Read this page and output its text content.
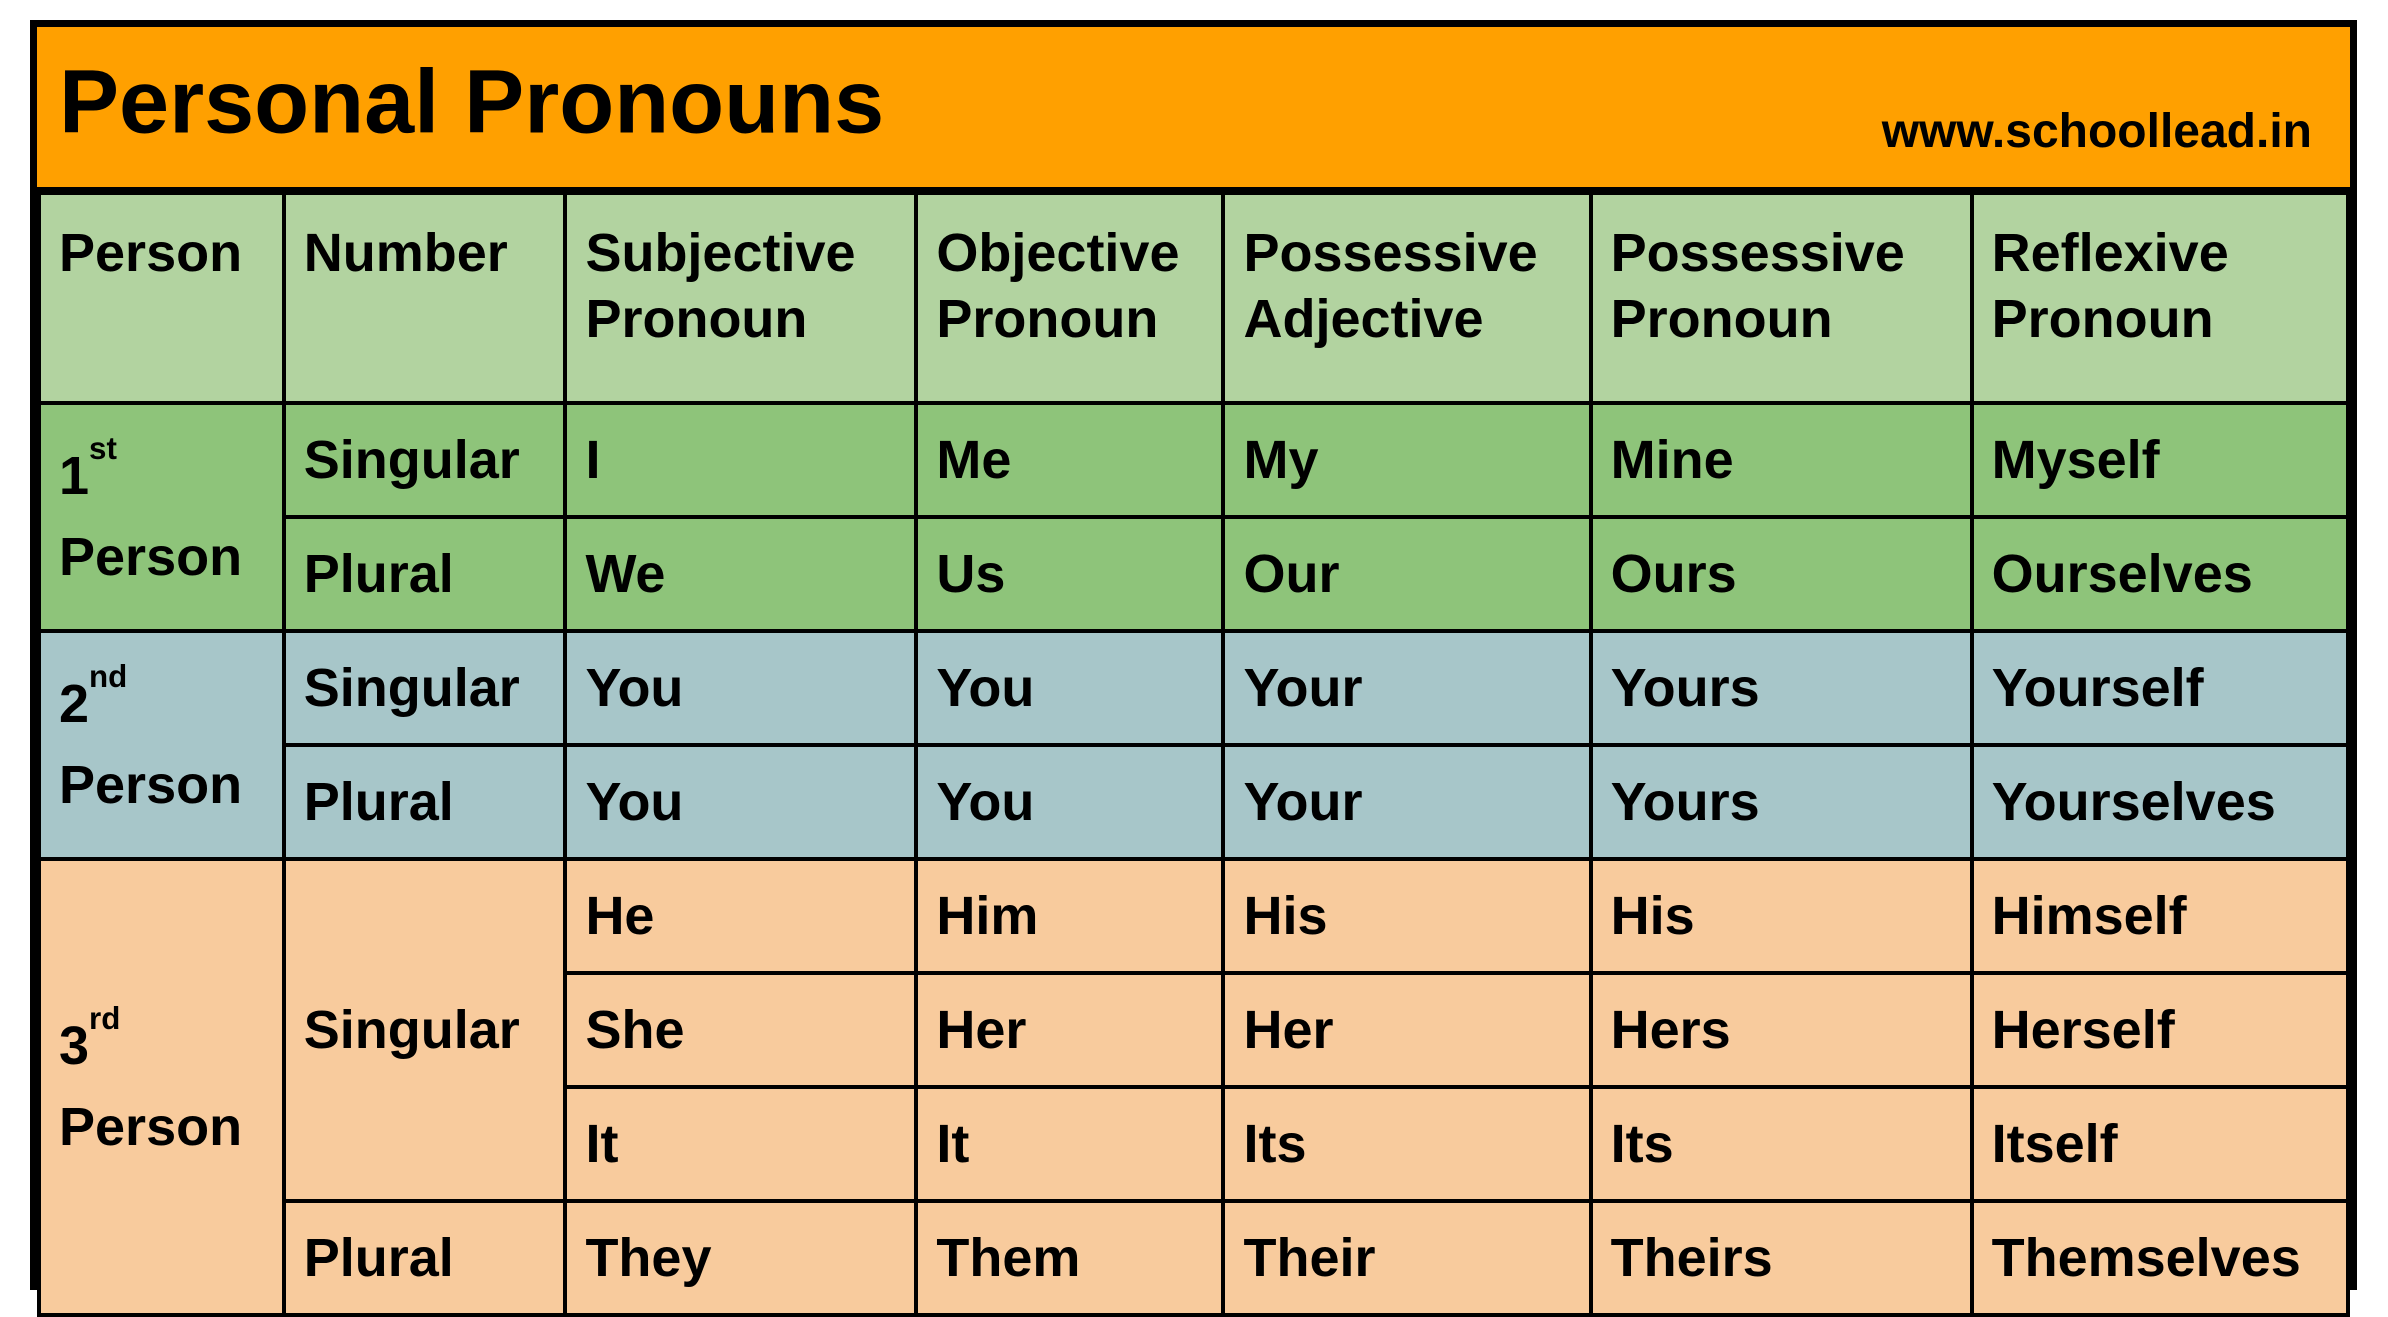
Personal Pronouns	www.schoollead.in
Person	Number	Subjective Pronoun	Objective Pronoun	Possessive Adjective	Possessive Pronoun	Reflexive Pronoun
1st
Person	Singular	I	Me	My	Mine	Myself
	Plural	We	Us	Our	Ours	Ourselves
2nd
Person	Singular	You	You	Your	Yours	Yourself
	Plural	You	You	Your	Yours	Yourselves
3rd
Person	Singular	He	Him	His	His	Himself
		She	Her	Her	Hers	Herself
		It	It	Its	Its	Itself
	Plural	They	Them	Their	Theirs	Themselves
